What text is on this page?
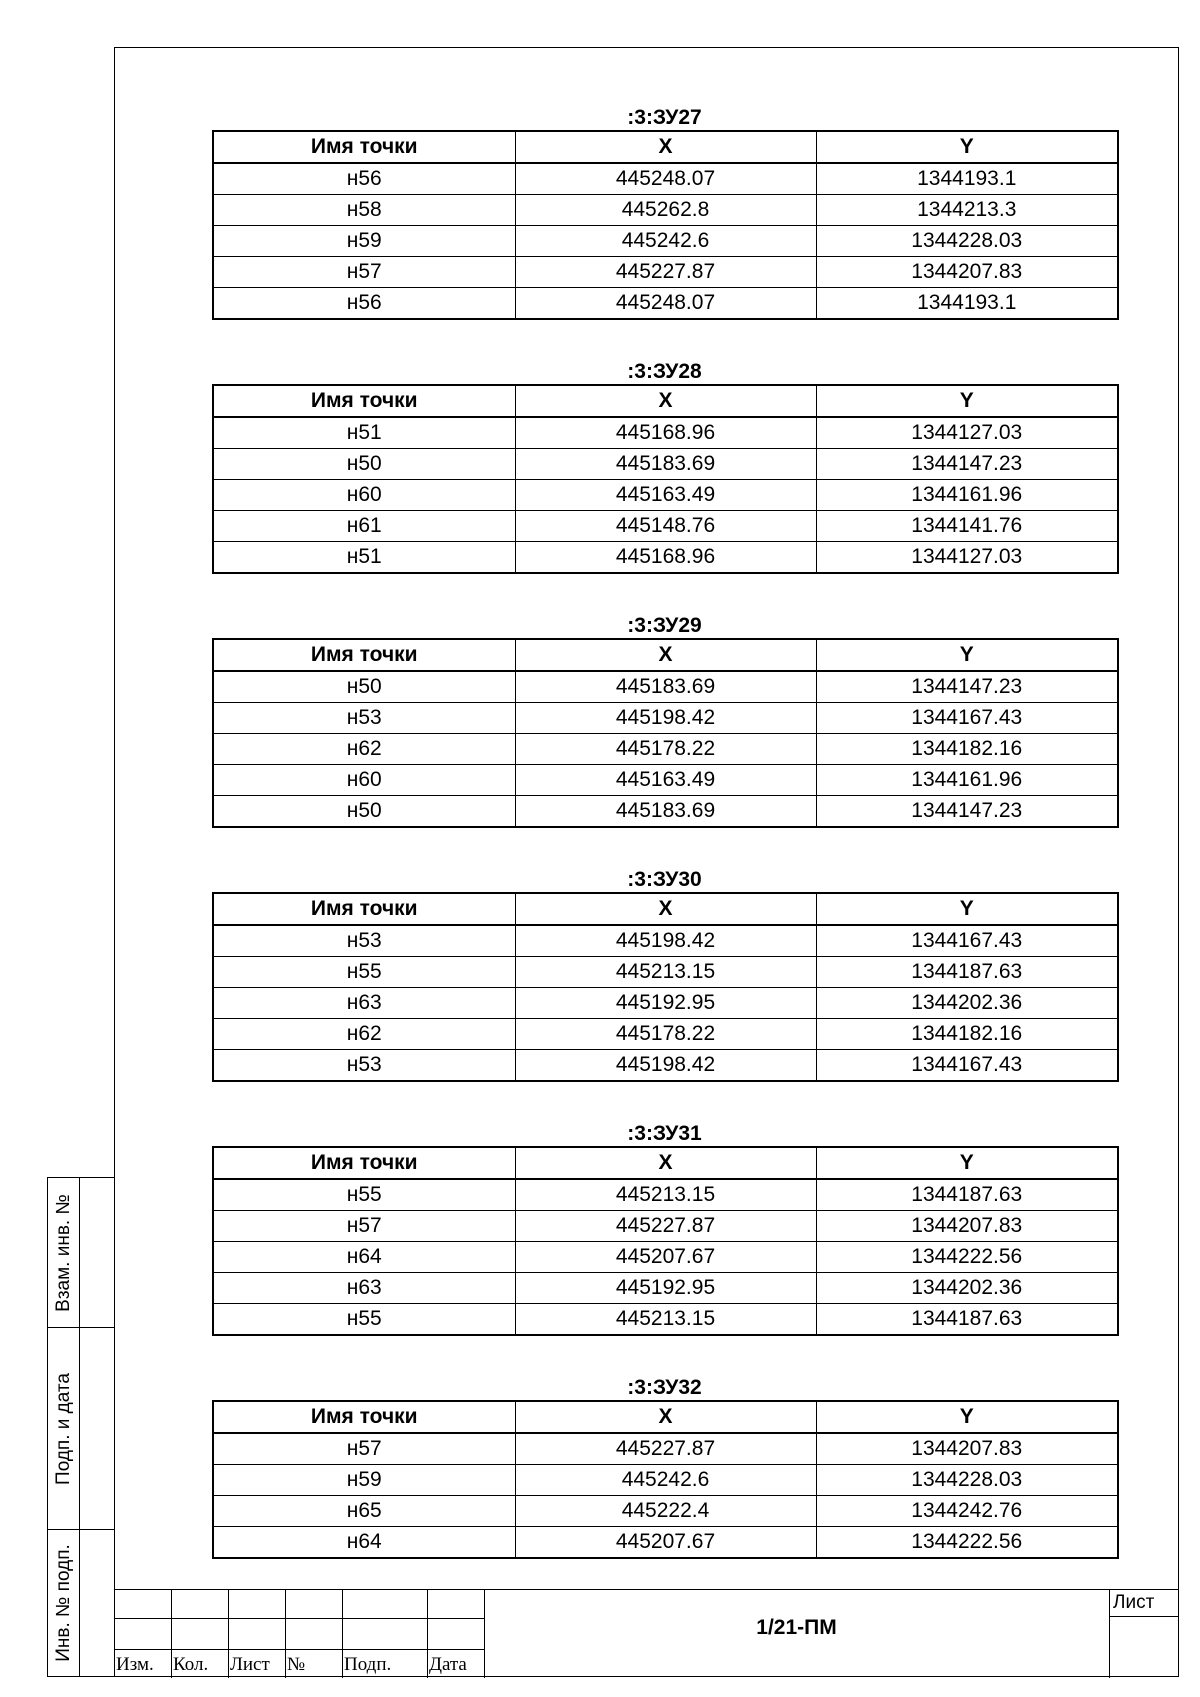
:3:ЗУ27
Имя точки	X	Y
н56	445248.07	1344193.1
н58	445262.8	1344213.3
н59	445242.6	1344228.03
н57	445227.87	1344207.83
н56	445248.07	1344193.1
:3:ЗУ28
Имя точки	X	Y
н51	445168.96	1344127.03
н50	445183.69	1344147.23
н60	445163.49	1344161.96
н61	445148.76	1344141.76
н51	445168.96	1344127.03
:3:ЗУ29
Имя точки	X	Y
н50	445183.69	1344147.23
н53	445198.42	1344167.43
н62	445178.22	1344182.16
н60	445163.49	1344161.96
н50	445183.69	1344147.23
:3:ЗУ30
Имя точки	X	Y
н53	445198.42	1344167.43
н55	445213.15	1344187.63
н63	445192.95	1344202.36
н62	445178.22	1344182.16
н53	445198.42	1344167.43
:3:ЗУ31
Имя точки	X	Y
н55	445213.15	1344187.63
н57	445227.87	1344207.83
н64	445207.67	1344222.56
н63	445192.95	1344202.36
н55	445213.15	1344187.63
:3:ЗУ32
Имя точки	X	Y
н57	445227.87	1344207.83
н59	445242.6	1344228.03
н65	445222.4	1344242.76
н64	445207.67	1344222.56
Взам. инв. №
Подп. и дата
Инв. № подп.
Изм. Кол. Лист № Подп. Дата
1/21-ПМ
Лист
